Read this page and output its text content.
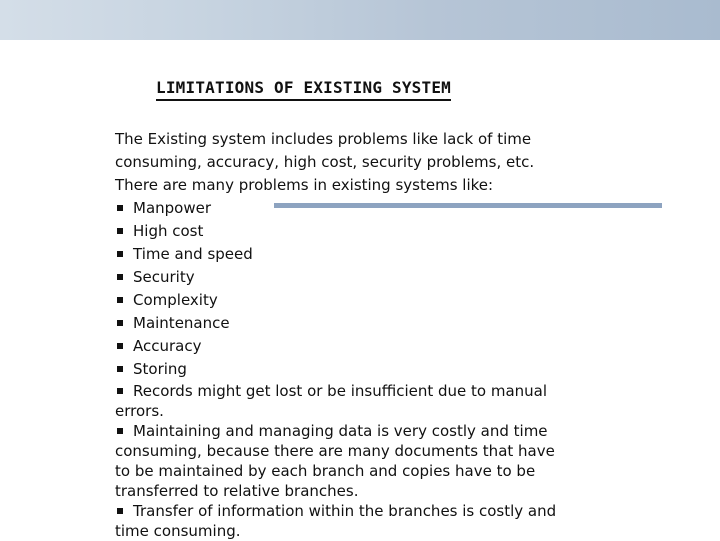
LIMITATIONS OF EXISTING SYSTEM
The Existing system includes problems like lack of time
consuming, accuracy, high cost, security problems, etc.
There are many problems in existing systems like:
Manpower
High cost
Time and speed
Security
Complexity
Maintenance
Accuracy
Storing
Records might get lost or be insufficient due to manual
errors.
Maintaining and managing data is very costly and time
consuming, because there are many documents that have
to be maintained by each branch and copies have to be
transferred to relative branches.
Transfer of information within the branches is costly and
time consuming.
